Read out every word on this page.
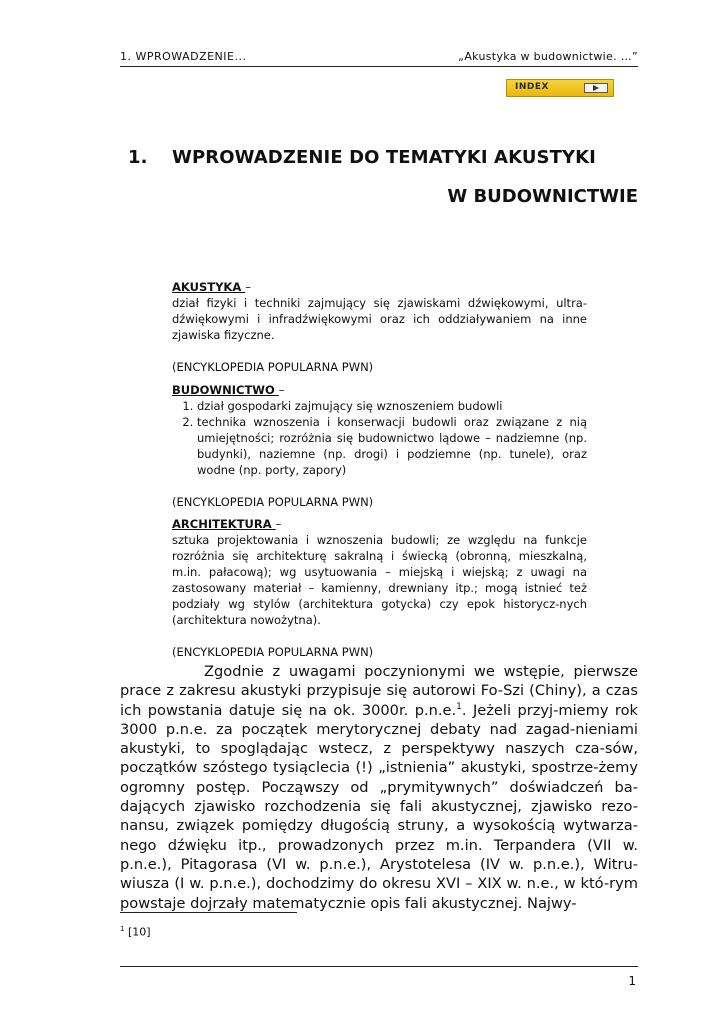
1. WPROWADZENIE...	„Akustyka w budownictwie. …”
INDEX
1. WPROWADZENIE DO TEMATYKI AKUSTYKI
W BUDOWNICTWIE
AKUSTYKA –
dział fizyki i techniki zajmujący się zjawiskami dźwiękowymi, ultra-dźwiękowymi i infradźwiękowymi oraz ich oddziaływaniem na inne zjawiska fizyczne.
(ENCYKLOPEDIA POPULARNA PWN)
BUDOWNICTWO –
1. dział gospodarki zajmujący się wznoszeniem budowli
2. technika wznoszenia i konserwacji budowli oraz związane z nią umiejętności; rozróżnia się budownictwo lądowe – nadziemne (np. budynki), naziemne (np. drogi) i podziemne (np. tunele), oraz wodne (np. porty, zapory)
(ENCYKLOPEDIA POPULARNA PWN)
ARCHITEKTURA –
sztuka projektowania i wznoszenia budowli; ze względu na funkcje rozróżnia się architekturę sakralną i świecką (obronną, mieszkalną, m.in. pałacową); wg usytuowania – miejską i wiejską; z uwagi na zastosowany materiał – kamienny, drewniany itp.; mogą istnieć też podziały wg stylów (architektura gotycka) czy epok historycz-nych (architektura nowożytna).
(ENCYKLOPEDIA POPULARNA PWN)
Zgodnie z uwagami poczynionymi we wstępie, pierwsze prace z zakresu akustyki przypisuje się autorowi Fo-Szi (Chiny), a czas ich powstania datuje się na ok. 3000r. p.n.e.$^1$. Jeżeli przyj-miemy rok 3000 p.n.e. za początek merytorycznej debaty nad zagad-nieniami akustyki, to spoglądając wstecz, z perspektywy naszych cza-sów, początków szóstego tysiąclecia (!) „istnienia” akustyki, spostrze-żemy ogromny postęp. Począwszy od „prymitywnych” doświadczeń ba-dających zjawisko rozchodzenia się fali akustycznej, zjawisko rezo-nansu, związek pomiędzy długością struny, a wysokością wytwarza-nego dźwięku itp., prowadzonych przez m.in. Terpandera (VII w. p.n.e.), Pitagorasa (VI w. p.n.e.), Arystotelesa (IV w. p.n.e.), Witru-wiusza (I w. p.n.e.), dochodzimy do okresu XVI – XIX w. n.e., w któ-rym powstaje dojrzały matematycznie opis fali akustycznej. Najwy-
$^1$ [10]
1
